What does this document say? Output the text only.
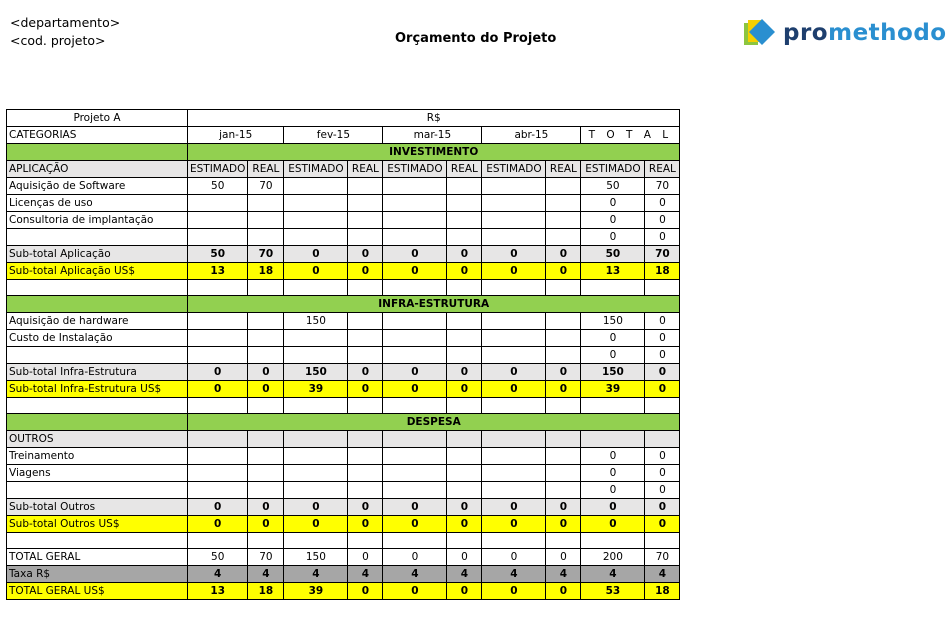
<departamento>
<cod. projeto>	Orçamento do Projeto	promethodo
Projeto A	R$									
CATEGORIAS	jan-15		fev-15		mar-15		abr-15		T O T A L	
	INVESTIMENTO									
APLICAÇÃO	ESTIMADO	REAL	ESTIMADO	REAL	ESTIMADO	REAL	ESTIMADO	REAL	ESTIMADO	REAL
Aquisição de Software	50	70							50	70
Licenças de uso									0	0
Consultoria de implantação									0	0
									0	0
Sub-total Aplicação	50	70	0	0	0	0	0	0	50	70
Sub-total Aplicação US$	13	18	0	0	0	0	0	0	13	18

	INFRA-ESTRUTURA									
Aquisição de hardware			150						150	0
Custo de Instalação									0	0
									0	0
Sub-total Infra-Estrutura	0	0	150	0	0	0	0	0	150	0
Sub-total Infra-Estrutura US$	0	0	39	0	0	0	0	0	39	0

	DESPESA									
OUTROS										
Treinamento									0	0
Viagens									0	0
									0	0
Sub-total Outros	0	0	0	0	0	0	0	0	0	0
Sub-total Outros US$	0	0	0	0	0	0	0	0	0	0

TOTAL GERAL	50	70	150	0	0	0	0	0	200	70
Taxa R$	4	4	4	4	4	4	4	4	4	4
TOTAL GERAL US$	13	18	39	0	0	0	0	0	53	18
